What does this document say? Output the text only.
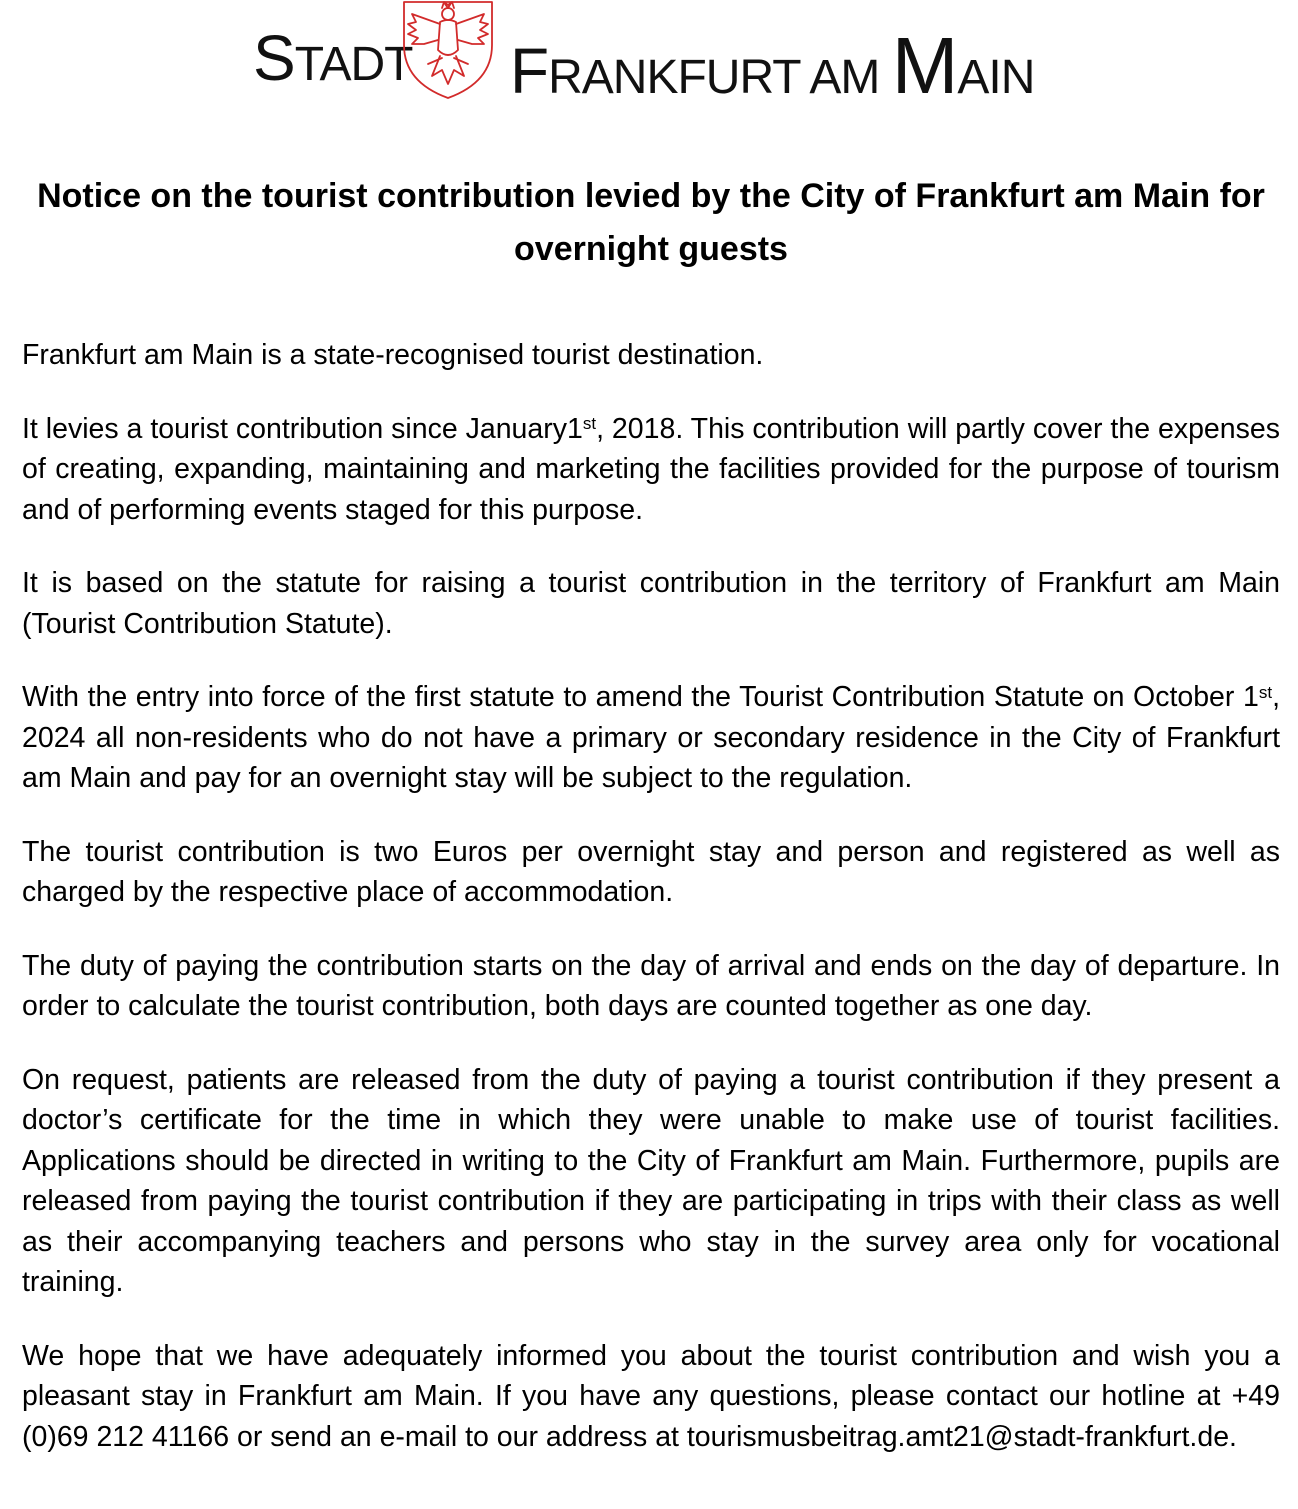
STADT FRANKFURT AM MAIN
Notice on the tourist contribution levied by the City of Frankfurt am Main for overnight guests

Frankfurt am Main is a state-recognised tourist destination.

It levies a tourist contribution since January1st, 2018. This contribution will partly cover the expenses of creating, expanding, maintaining and marketing the facilities provided for the purpose of tourism and of performing events staged for this purpose.

It is based on the statute for raising a tourist contribution in the territory of Frankfurt am Main (Tourist Contribution Statute).

With the entry into force of the first statute to amend the Tourist Contribution Statute on October 1st, 2024 all non-residents who do not have a primary or secondary residence in the City of Frankfurt am Main and pay for an overnight stay will be subject to the regulation.

The tourist contribution is two Euros per overnight stay and person and registered as well as charged by the respective place of accommodation.

The duty of paying the contribution starts on the day of arrival and ends on the day of departure. In order to calculate the tourist contribution, both days are counted together as one day.

On request, patients are released from the duty of paying a tourist contribution if they present a doctor’s certificate for the time in which they were unable to make use of tourist facilities. Applications should be directed in writing to the City of Frankfurt am Main. Furthermore, pupils are released from paying the tourist contribution if they are participating in trips with their class as well as their accompanying teachers and persons who stay in the survey area only for vocational training.

We hope that we have adequately informed you about the tourist contribution and wish you a pleasant stay in Frankfurt am Main. If you have any questions, please contact our hotline at +49 (0)69 212 41166 or send an e-mail to our address at tourismusbeitrag.amt21@stadt-frankfurt.de.
